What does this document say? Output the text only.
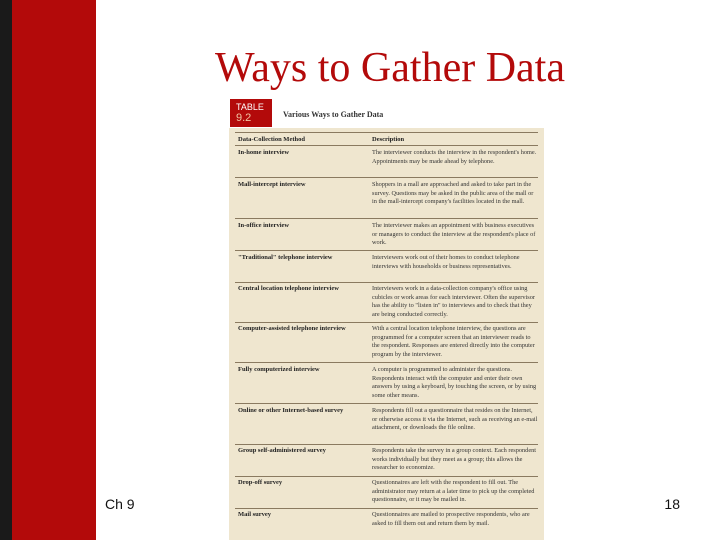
Ways to Gather Data
TABLE
9.2	Various Ways to Gather Data
Data-Collection Method	Description
In-home interview	The interviewer conducts the interview in the respondent's home. Appointments may be made ahead by telephone.
Mall-intercept interview	Shoppers in a mall are approached and asked to take part in the survey. Questions may be asked in the public area of the mall or in the mall-intercept company's facilities located in the mall.
In-office interview	The interviewer makes an appointment with business executives or managers to conduct the interview at the respondent's place of work.
"Traditional" telephone interview	Interviewers work out of their homes to conduct telephone interviews with households or business representatives.
Central location telephone interview	Interviewers work in a data-collection company's office using cubicles or work areas for each interviewer. Often the supervisor has the ability to "listen in" to interviews and to check that they are being conducted correctly.
Computer-assisted telephone interview	With a central location telephone interview, the questions are programmed for a computer screen that an interviewer reads to the respondent. Responses are entered directly into the computer program by the interviewer.
Fully computerized interview	A computer is programmed to administer the questions. Respondents interact with the computer and enter their own answers by using a keyboard, by touching the screen, or by using some other means.
Online or other Internet-based survey	Respondents fill out a questionnaire that resides on the Internet, or otherwise access it via the Internet, such as receiving an e-mail attachment, or downloads the file online.
Group self-administered survey	Respondents take the survey in a group context. Each respondent works individually but they meet as a group; this allows the researcher to economize.
Drop-off survey	Questionnaires are left with the respondent to fill out. The administrator may return at a later time to pick up the completed questionnaire, or it may be mailed in.
Mail survey	Questionnaires are mailed to prospective respondents, who are asked to fill them out and return them by mail.
Ch 9	18
